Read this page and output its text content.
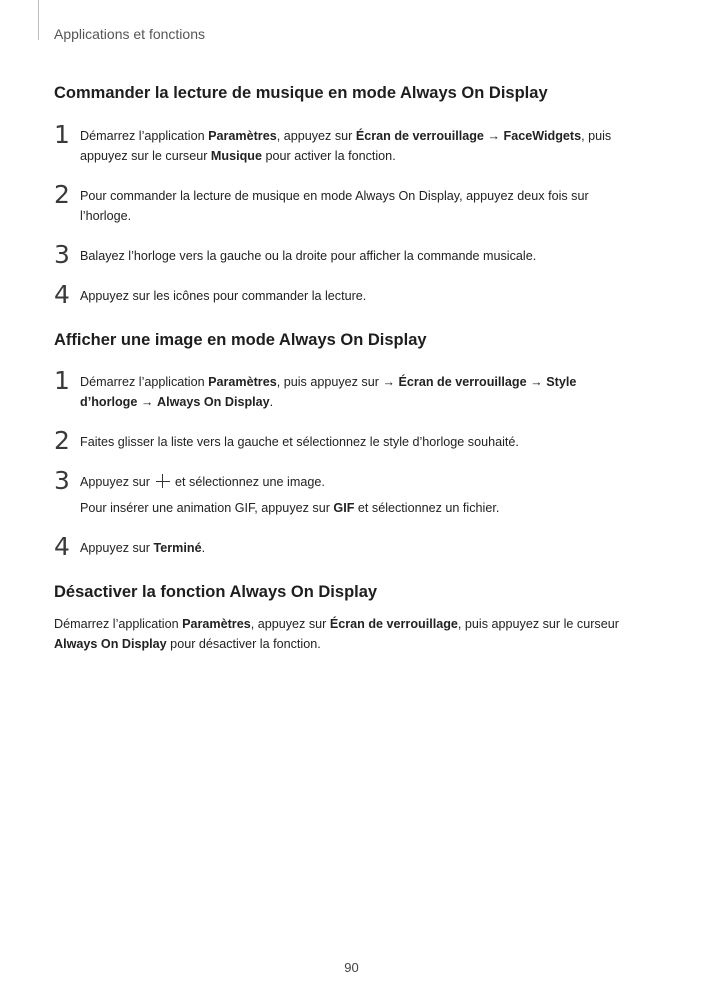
Applications et fonctions
Commander la lecture de musique en mode Always On Display
1 Démarrez l’application Paramètres, appuyez sur Écran de verrouillage → FaceWidgets, puis
appuyez sur le curseur Musique pour activer la fonction.
2 Pour commander la lecture de musique en mode Always On Display, appuyez deux fois sur
l’horloge.
3 Balayez l’horloge vers la gauche ou la droite pour afficher la commande musicale.
4 Appuyez sur les icônes pour commander la lecture.
Afficher une image en mode Always On Display
1 Démarrez l’application Paramètres, puis appuyez sur → Écran de verrouillage → Style
d’horloge → Always On Display.
2 Faites glisser la liste vers la gauche et sélectionnez le style d’horloge souhaité.
3 Appuyez sur  et sélectionnez une image.
Pour insérer une animation GIF, appuyez sur GIF et sélectionnez un fichier.
4 Appuyez sur Terminé.
Désactiver la fonction Always On Display
Démarrez l’application Paramètres, appuyez sur Écran de verrouillage, puis appuyez sur le curseur
Always On Display pour désactiver la fonction.
90
